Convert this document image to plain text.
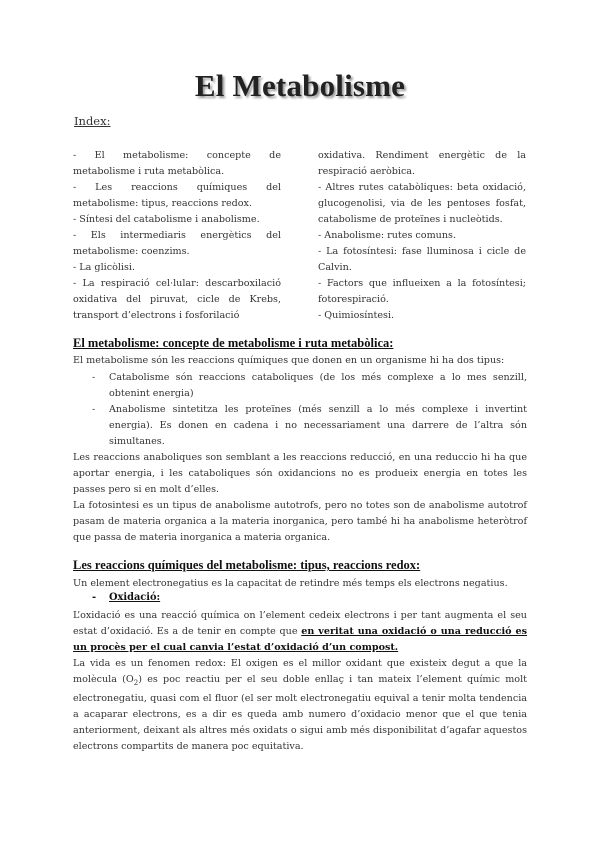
El Metabolisme
Index:
- El metabolisme: concepte de metabolisme i ruta metabòlica.
- Les reaccions químiques del metabolisme: tipus, reaccions redox.
- Síntesi del catabolisme i anabolisme.
- Els intermediaris energètics del metabolisme: coenzims.
- La glicòlisi.
- La respiració cel·lular: descarboxilació oxidativa del piruvat, cicle de Krebs, transport d’electrons i fosforilació
oxidativa. Rendiment energètic de la respiració aeròbica.
- Altres rutes catabòliques: beta oxidació, glucogenolisi, via de les pentoses fosfat, catabolisme de proteïnes i nucleòtids.
- Anabolisme: rutes comuns.
- La fotosíntesi: fase lluminosa i cicle de Calvin.
- Factors que influeixen a la fotosíntesi; fotorespiració.
- Quimiosíntesi.
El metabolisme: concepte de metabolisme i ruta metabòlica:
El metabolisme són les reaccions químiques que donen en un organisme hi ha dos tipus:
- Catabolisme són reaccions cataboliques (de los més complexe a lo mes senzill, obtenint energia)
- Anabolisme sintetitza les proteïnes (més senzill a lo més complexe i invertint energia). Es donen en cadena i no necessariament una darrere de l’altra són simultanes.
Les reaccions anaboliques son semblant a les reaccions reducció, en una reduccio hi ha que aportar energia, i les cataboliques són oxidancions no es produeix energia en totes les passes pero si en molt d’elles.
La fotosintesi es un tipus de anabolisme autotrofs, pero no totes son de anabolisme autotrof pasam de materia organica a la materia inorganica, pero també hi ha anabolisme heteròtrof que passa de materia inorganica a materia organica.
Les reaccions químiques del metabolisme: tipus, reaccions redox:
Un element electronegatius es la capacitat de retindre més temps els electrons negatius.
- Oxidació:
L’oxidació es una reacció química on l’element cedeix electrons i per tant augmenta el seu estat d’oxidació. Es a de tenir en compte que en veritat una oxidació o una reducció es un procès per el cual canvia l’estat d’oxidació d’un compost.
La vida es un fenomen redox: El oxigen es el millor oxidant que existeix degut a que la molècula $(O_2)$ es poc reactiu per el seu doble enllaç i tan mateix l’element químic molt electronegatiu, quasi com el fluor (el ser molt electronegatiu equival a tenir molta tendencia a acaparar electrons, es a dir es queda amb numero d’oxidacio menor que el que tenia anteriorment, deixant als altres més oxidats o sigui amb més disponibilitat d’agafar aquestos electrons compartits de manera poc equitativa.
